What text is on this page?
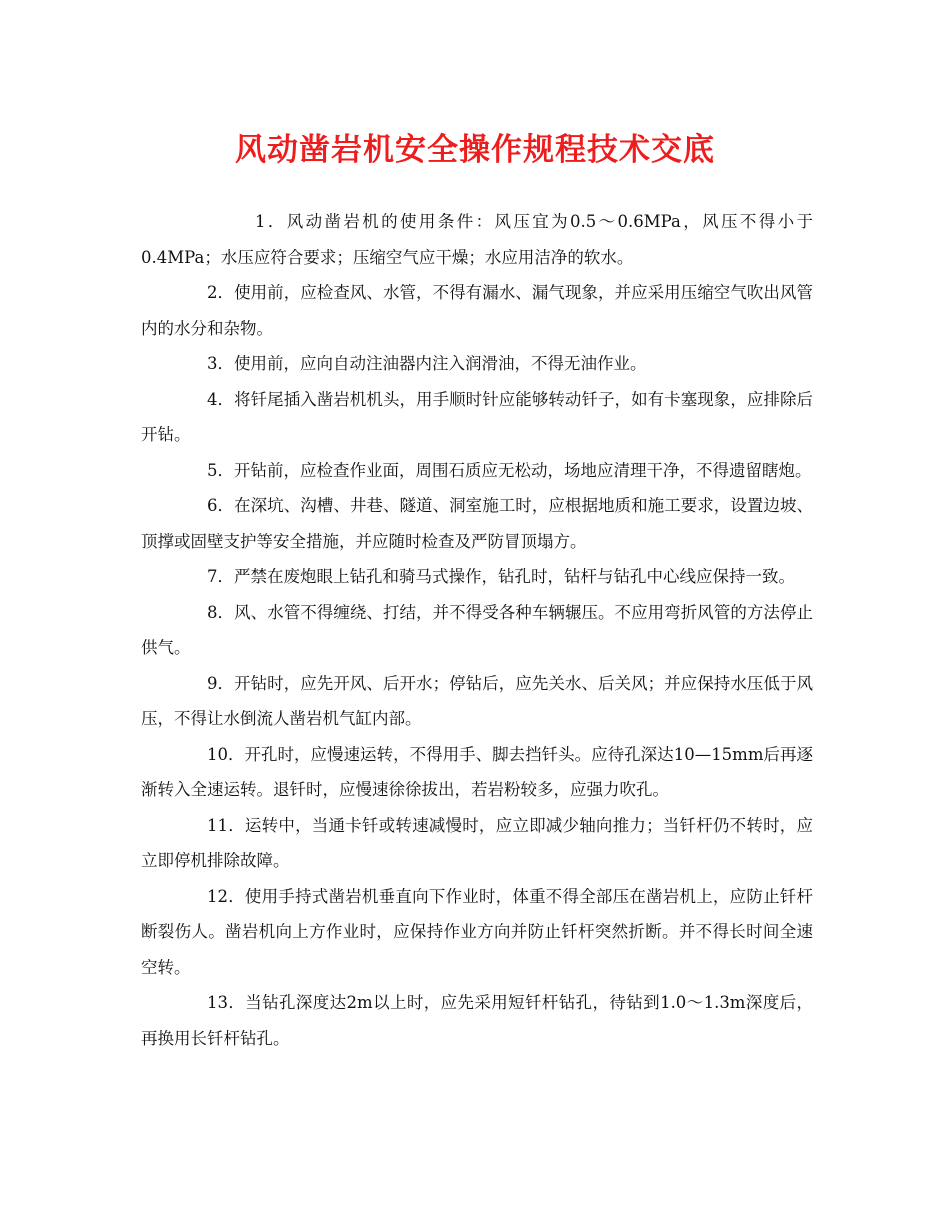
风动凿岩机安全操作规程技术交底

1．风动凿岩机的使用条件：风压宜为0.5～0.6MPa，风压不得小于0.4MPa；水压应符合要求；压缩空气应干燥；水应用洁净的软水。

2．使用前，应检查风、水管，不得有漏水、漏气现象，并应采用压缩空气吹出风管内的水分和杂物。

3．使用前，应向自动注油器内注入润滑油，不得无油作业。

4．将钎尾插入凿岩机机头，用手顺时针应能够转动钎子，如有卡塞现象，应排除后开钻。

5．开钻前，应检查作业面，周围石质应无松动，场地应清理干净，不得遗留瞎炮。

6．在深坑、沟槽、井巷、隧道、洞室施工时，应根据地质和施工要求，设置边坡、顶撑或固壁支护等安全措施，并应随时检查及严防冒顶塌方。

7．严禁在废炮眼上钻孔和骑马式操作，钻孔时，钻杆与钻孔中心线应保持一致。

8．风、水管不得缠绕、打结，并不得受各种车辆辗压。不应用弯折风管的方法停止供气。

9．开钻时，应先开风、后开水；停钻后，应先关水、后关风；并应保持水压低于风压，不得让水倒流人凿岩机气缸内部。

10．开孔时，应慢速运转，不得用手、脚去挡钎头。应待孔深达10—15mm后再逐渐转入全速运转。退钎时，应慢速徐徐拔出，若岩粉较多，应强力吹孔。

11．运转中，当通卡钎或转速减慢时，应立即减少轴向推力；当钎杆仍不转时，应立即停机排除故障。

12．使用手持式凿岩机垂直向下作业时，体重不得全部压在凿岩机上，应防止钎杆断裂伤人。凿岩机向上方作业时，应保持作业方向并防止钎杆突然折断。并不得长时间全速空转。

13．当钻孔深度达2m以上时，应先采用短钎杆钻孔，待钻到1.0～1.3m深度后，再换用长钎杆钻孔。
